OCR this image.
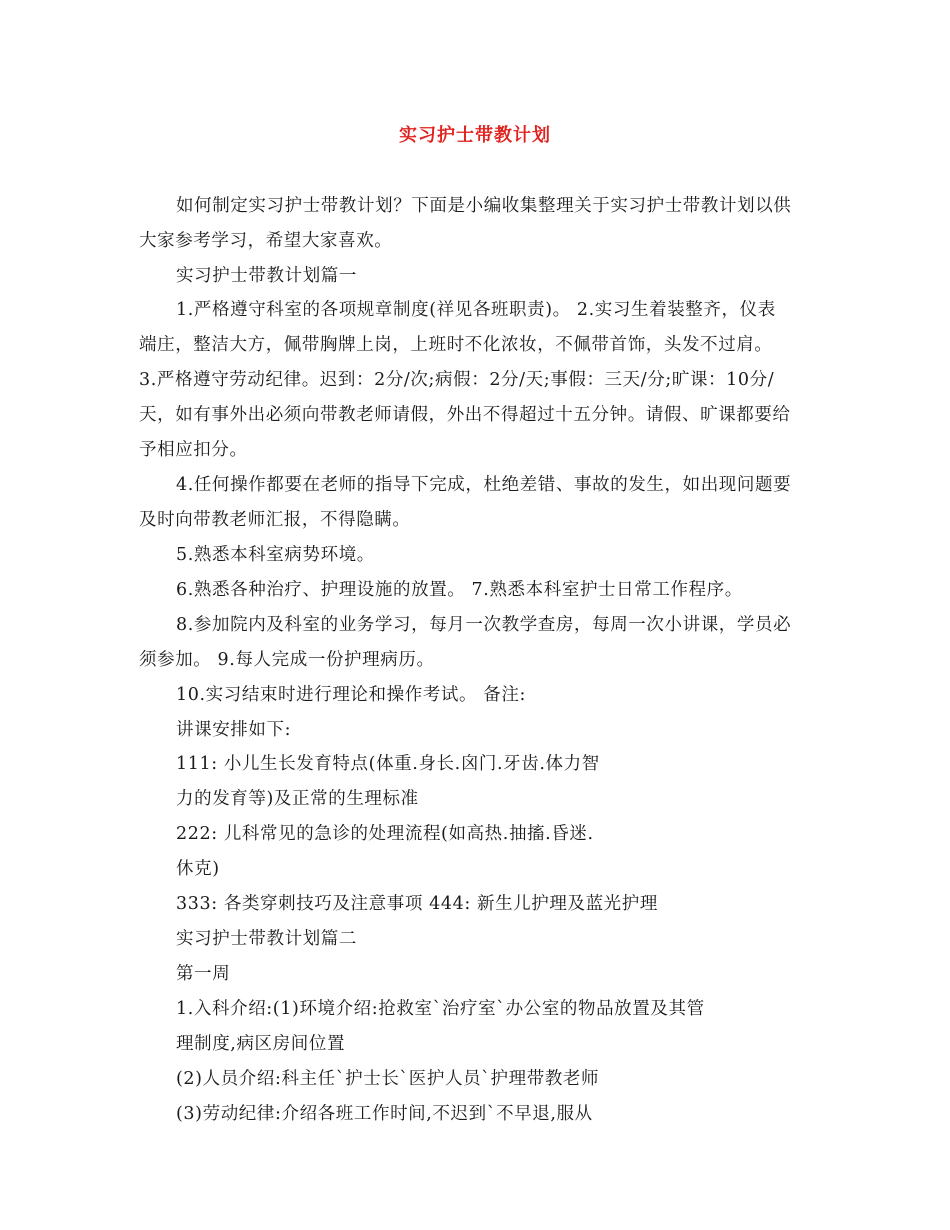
实习护士带教计划
如何制定实习护士带教计划？下面是小编收集整理关于实习护士带教计划以供
大家参考学习，希望大家喜欢。
实习护士带教计划篇一
1.严格遵守科室的各项规章制度(祥见各班职责)。 2.实习生着装整齐，仪表
端庄，整洁大方，佩带胸牌上岗，上班时不化浓妆，不佩带首饰，头发不过肩。
3.严格遵守劳动纪律。迟到：2分/次;病假：2分/天;事假：三天/分;旷课：10分/
天，如有事外出必须向带教老师请假，外出不得超过十五分钟。请假、旷课都要给
予相应扣分。
4.任何操作都要在老师的指导下完成，杜绝差错、事故的发生，如出现问题要
及时向带教老师汇报，不得隐瞒。
5.熟悉本科室病势环境。
6.熟悉各种治疗、护理设施的放置。 7.熟悉本科室护士日常工作程序。
8.参加院内及科室的业务学习，每月一次教学查房，每周一次小讲课，学员必
须参加。 9.每人完成一份护理病历。
10.实习结束时进行理论和操作考试。 备注:
讲课安排如下:
111: 小儿生长发育特点(体重.身长.囟门.牙齿.体力智
力的发育等)及正常的生理标准
222: 儿科常见的急诊的处理流程(如高热.抽搐.昏迷.
休克)
333: 各类穿刺技巧及注意事项 444: 新生儿护理及蓝光护理
实习护士带教计划篇二
第一周
1.入科介绍:(1)环境介绍:抢救室`治疗室`办公室的物品放置及其管
理制度,病区房间位置
(2)人员介绍:科主任`护士长`医护人员`护理带教老师
(3)劳动纪律:介绍各班工作时间,不迟到`不早退,服从
